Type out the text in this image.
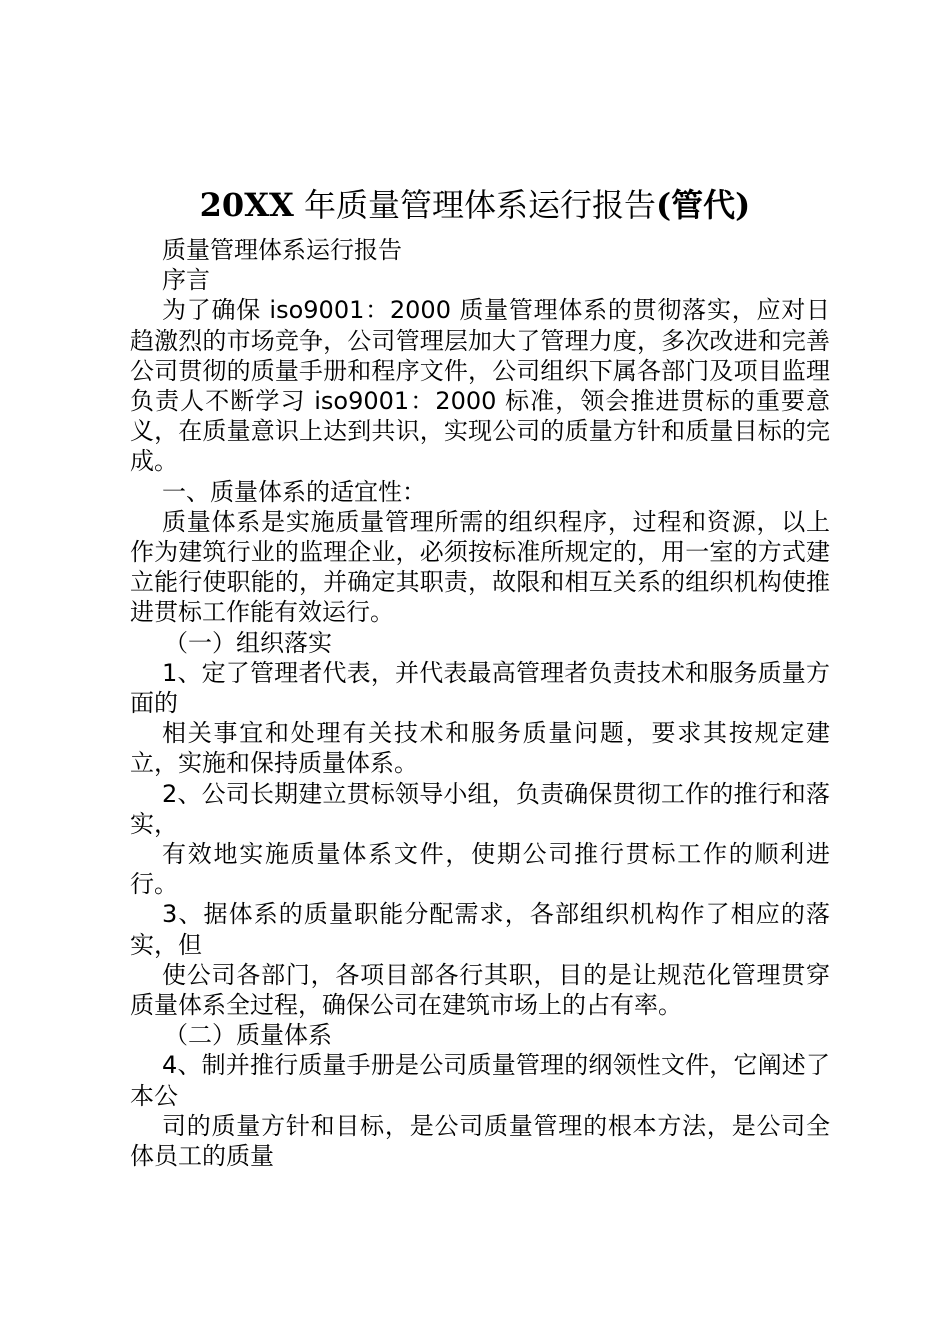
20XX 年质量管理体系运行报告(管代)

质量管理体系运行报告

序言

为了确保 iso9001：2000 质量管理体系的贯彻落实，应对日趋激烈的市场竞争，公司管理层加大了管理力度，多次改进和完善公司贯彻的质量手册和程序文件，公司组织下属各部门及项目监理负责人不断学习 iso9001：2000 标准，领会推进贯标的重要意义，在质量意识上达到共识，实现公司的质量方针和质量目标的完成。

一、质量体系的适宜性：

质量体系是实施质量管理所需的组织程序，过程和资源，以上作为建筑行业的监理企业，必须按标准所规定的，用一室的方式建立能行使职能的，并确定其职责，故限和相互关系的组织机构使推进贯标工作能有效运行。

（一）组织落实

1、定了管理者代表，并代表最高管理者负责技术和服务质量方面的

相关事宜和处理有关技术和服务质量问题，要求其按规定建立，实施和保持质量体系。

2、公司长期建立贯标领导小组，负责确保贯彻工作的推行和落实，

有效地实施质量体系文件，使期公司推行贯标工作的顺利进行。

3、据体系的质量职能分配需求，各部组织机构作了相应的落实，但

使公司各部门，各项目部各行其职，目的是让规范化管理贯穿质量体系全过程，确保公司在建筑市场上的占有率。

（二）质量体系

4、制并推行质量手册是公司质量管理的纲领性文件，它阐述了本公

司的质量方针和目标，是公司质量管理的根本方法，是公司全体员工的质量
